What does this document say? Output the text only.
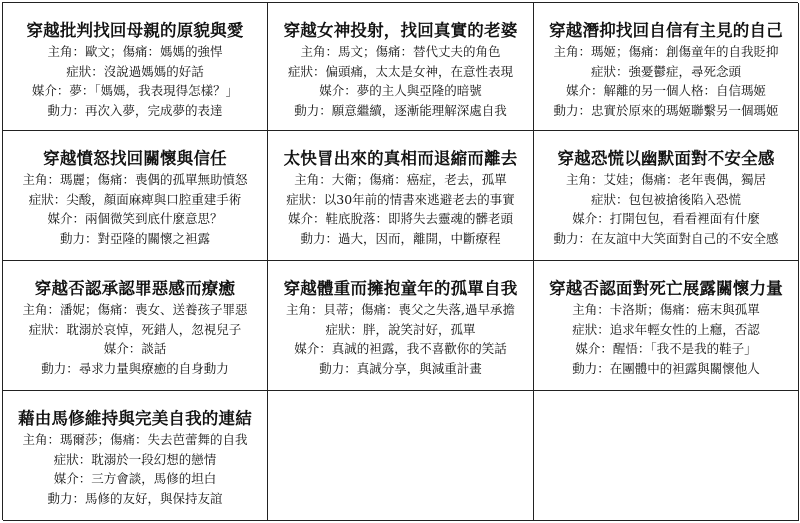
穿越批判找回母親的原貌與愛
主角：歐文；傷痛：媽媽的強悍
症狀：沒說過媽媽的好話
媒介：夢：「媽媽，我表現得怎樣？」
動力：再次入夢，完成夢的表達
穿越女神投射，找回真實的老婆
主角：馬文；傷痛：替代丈夫的角色
症狀：偏頭痛，太太是女神，在意性表現
媒介：夢的主人與亞隆的暗號
動力：願意繼續，逐漸能理解深處自我
穿越潛抑找回自信有主見的自己
主角：瑪姬；傷痛：創傷童年的自我貶抑
症狀：強憂鬱症，尋死念頭
媒介：解離的另一個人格：自信瑪姬
動力：忠實於原來的瑪姬聯繫另一個瑪姬
穿越憤怒找回關懷與信任
主角：瑪麗；傷痛：喪偶的孤單無助憤怒
症狀：尖酸，顏面麻痺與口腔重建手術
媒介：兩個微笑到底什麼意思？
動力：對亞隆的關懷之袒露
太快冒出來的真相而退縮而離去
主角：大衛；傷痛：癌症，老去，孤單
症狀：以30年前的情書來逃避老去的事實
媒介：鞋底脫落：即將失去靈魂的髒老頭
動力：過大，因而，離開，中斷療程
穿越恐慌以幽默面對不安全感
主角：艾娃；傷痛：老年喪偶，獨居
症狀：包包被搶後陷入恐慌
媒介：打開包包，看看裡面有什麼
動力：在友誼中大笑面對自己的不安全感
穿越否認承認罪惡感而療癒
主角：潘妮；傷痛：喪女、送養孩子罪惡
症狀：耽溺於哀悼，死錯人，忽視兒子
媒介：談話
動力：尋求力量與療癒的自身動力
穿越體重而擁抱童年的孤單自我
主角：貝蒂；傷痛：喪父之失落,過早承擔
症狀：胖，說笑討好，孤單
媒介：真誠的袒露，我不喜歡你的笑話
動力：真誠分享，與減重計畫
穿越否認面對死亡展露關懷力量
主角：卡洛斯；傷痛：癌末與孤單
症狀：追求年輕女性的上癮，否認
媒介：醒悟：「我不是我的鞋子」
動力：在團體中的袒露與關懷他人
藉由馬修維持與完美自我的連結
主角：瑪爾莎；傷痛：失去芭蕾舞的自我
症狀：耽溺於一段幻想的戀情
媒介：三方會談，馬修的坦白
動力：馬修的友好，與保持友誼
